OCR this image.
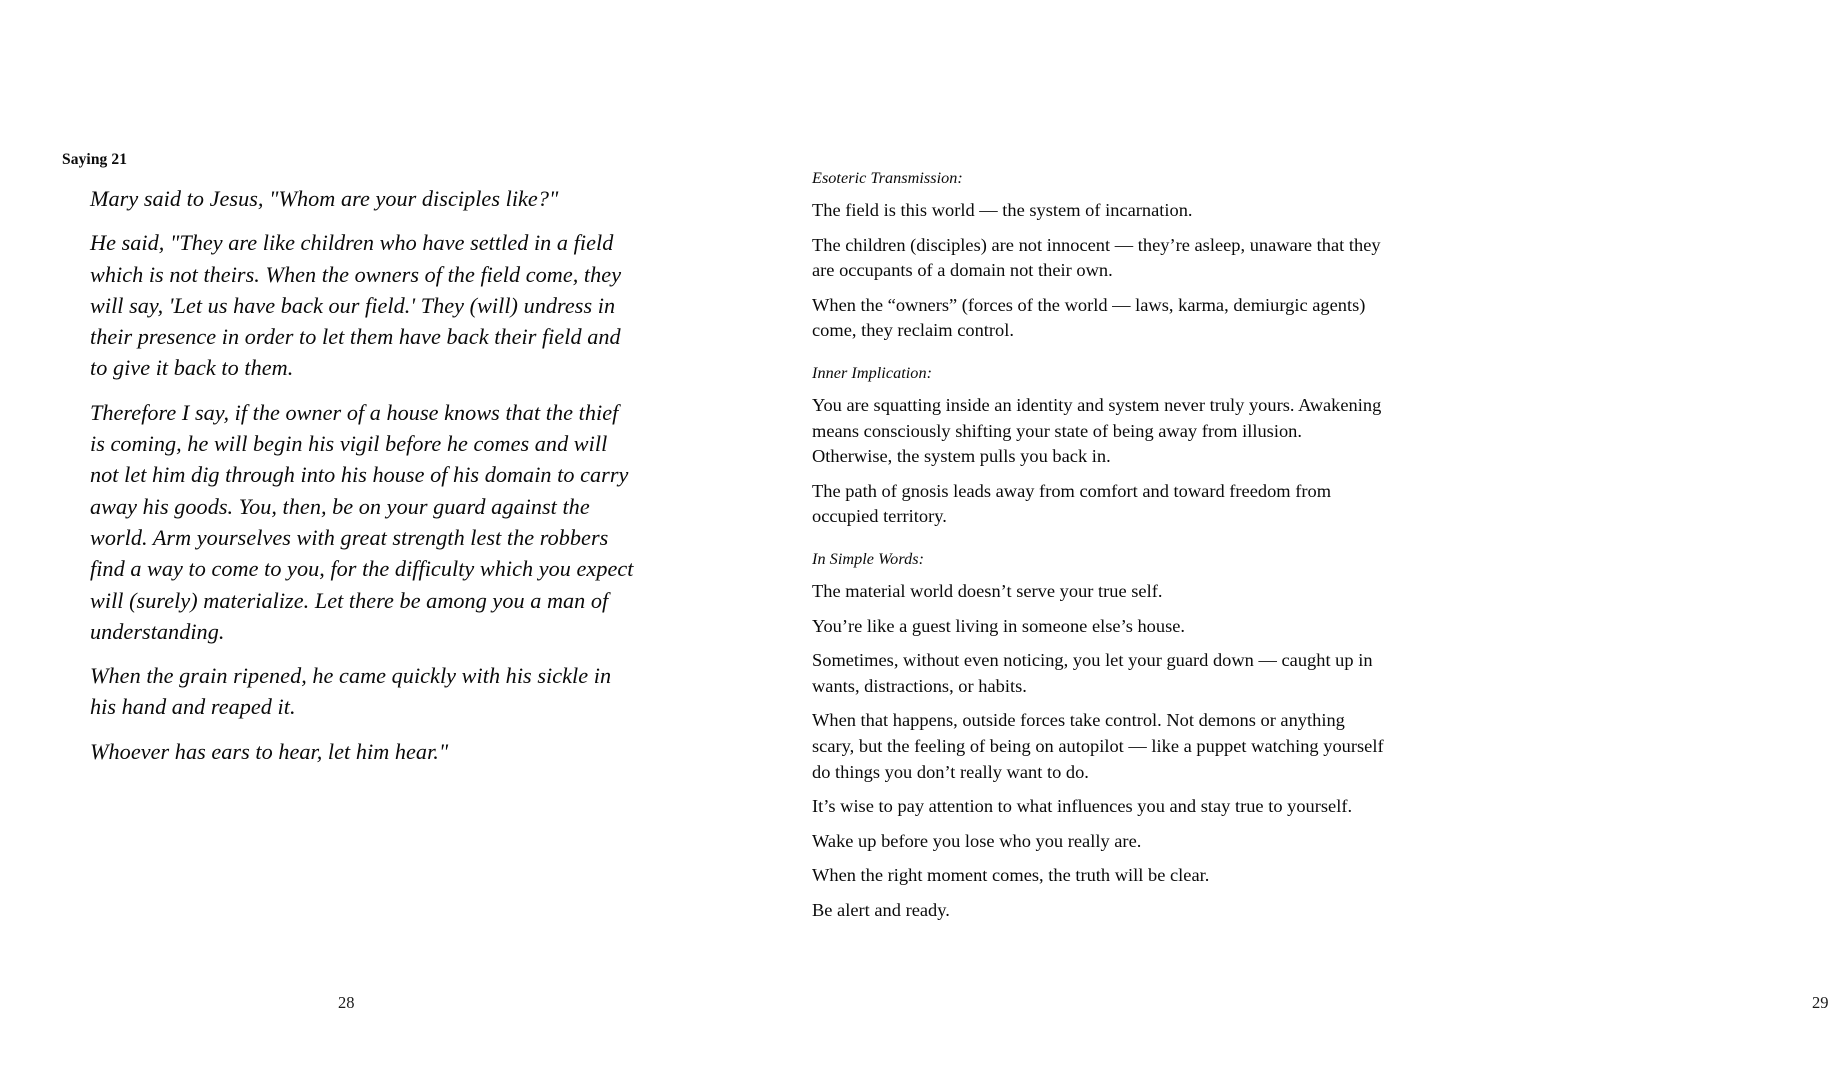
Saying 21

Mary said to Jesus, "Whom are your disciples like?"

He said, "They are like children who have settled in a field which is not theirs. When the owners of the field come, they will say, 'Let us have back our field.' They (will) undress in their presence in order to let them have back their field and to give it back to them.

Therefore I say, if the owner of a house knows that the thief is coming, he will begin his vigil before he comes and will not let him dig through into his house of his domain to carry away his goods. You, then, be on your guard against the world. Arm yourselves with great strength lest the robbers find a way to come to you, for the difficulty which you expect will (surely) materialize. Let there be among you a man of understanding.

When the grain ripened, he came quickly with his sickle in his hand and reaped it.

Whoever has ears to hear, let him hear."

28

Esoteric Transmission:

The field is this world — the system of incarnation.

The children (disciples) are not innocent — they’re asleep, unaware that they are occupants of a domain not their own.

When the “owners” (forces of the world — laws, karma, demiurgic agents) come, they reclaim control.

Inner Implication:

You are squatting inside an identity and system never truly yours. Awakening means consciously shifting your state of being away from illusion. Otherwise, the system pulls you back in.

The path of gnosis leads away from comfort and toward freedom from occupied territory.

In Simple Words:

The material world doesn’t serve your true self.

You’re like a guest living in someone else’s house.

Sometimes, without even noticing, you let your guard down — caught up in wants, distractions, or habits.

When that happens, outside forces take control. Not demons or anything scary, but the feeling of being on autopilot — like a puppet watching yourself do things you don’t really want to do.

It’s wise to pay attention to what influences you and stay true to yourself.

Wake up before you lose who you really are.

When the right moment comes, the truth will be clear.

Be alert and ready.

29
